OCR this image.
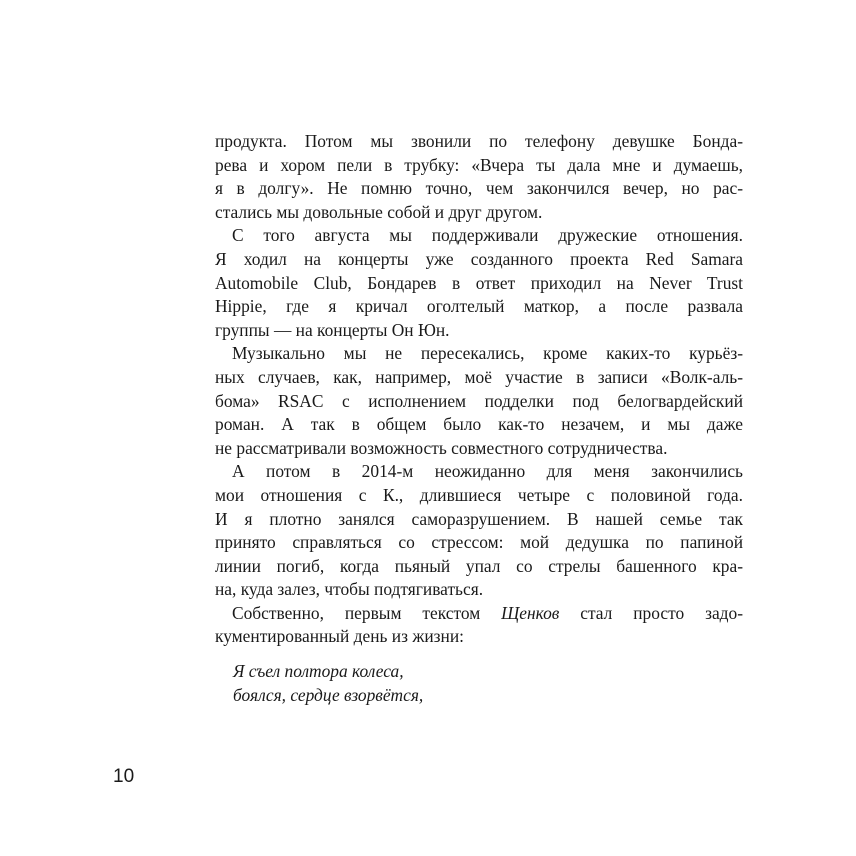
продукта. Потом мы звонили по телефону девушке Бонда-
рева и хором пели в трубку: «Вчера ты дала мне и думаешь,
я в долгу». Не помню точно, чем закончился вечер, но рас-
стались мы довольные собой и друг другом.
С того августа мы поддерживали дружеские отношения.
Я ходил на концерты уже созданного проекта Red Samara
Automobile Club, Бондарев в ответ приходил на Never Trust
Hippie, где я кричал оголтелый маткор, а после развала
группы — на концерты Он Юн.
Музыкально мы не пересекались, кроме каких-то курьёз-
ных случаев, как, например, моё участие в записи «Волк-аль-
бома» RSAC с исполнением подделки под белогвардейский
роман. А так в общем было как-то незачем, и мы даже
не рассматривали возможность совместного сотрудничества.
А потом в 2014-м неожиданно для меня закончились
мои отношения с К., длившиеся четыре с половиной года.
И я плотно занялся саморазрушением. В нашей семье так
принято справляться со стрессом: мой дедушка по папиной
линии погиб, когда пьяный упал со стрелы башенного кра-
на, куда залез, чтобы подтягиваться.
Собственно, первым текстом Щенков стал просто задо-
кументированный день из жизни:
Я съел полтора колеса,
боялся, сердце взорвётся,
10
